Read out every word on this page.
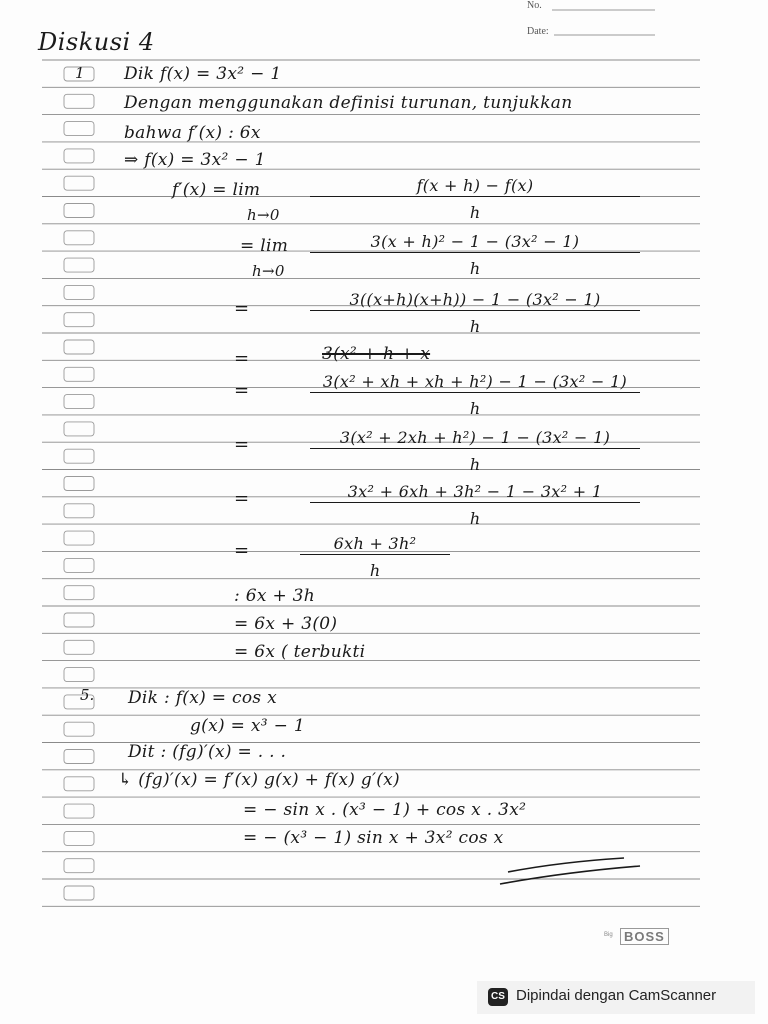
No.
Date:
Diskusi 4
1 Dik f(x) = 3x² − 1
Dengan menggunakan definisi turunan, tunjukkan
bahwa f′(x) : 6x
⇒ f(x) = 3x² − 1
f′(x) = lim
$h\to 0 \frac{f(x + h) - f(x)}{h}$
= lim
$h\to 0 \frac{\text{3(x + h)² − 1 − (3x² − 1)}}{h}$
=	$\frac{\text{3((x+h)(x+h)) − 1 − (3x² − 1)}}{h}$
=	3(x² + h + x
=	$\frac{\text{3(x² + xh + xh + h²) − 1 − (3x² − 1)}}{h}$
=	$\frac{\text{3(x² + 2xh + h²) − 1 − (3x² − 1)}}{h}$
=	$\frac{\text{3x² + 6xh + 3h² − 1 − 3x² + 1}}{h}$
=	$\frac{\text{6xh + 3h²}}{h}$
: 6x + 3h
= 6x + 3(0)
= 6x ( terbukti
5. Dik : f(x) = cos x
g(x) = x³ − 1
Dit : (fg)′(x) = . . .
↳ (fg)′(x) = f′(x) g(x) + f(x) g′(x)
= − sin x . (x³ − 1) + cos x . 3x²
= − (x³ − 1) sin x + 3x² cos x
Big BOSS
CS Dipindai dengan CamScanner
